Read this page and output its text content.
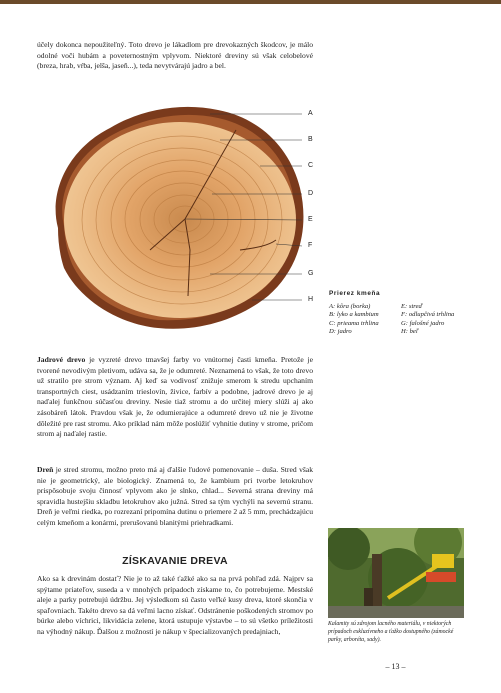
účely dokonca nepoužiteľný. Toto drevo je lákadlom pre drevokazných škodcov, je málo odolné voči hubám a poveternostným vplyvom. Niektoré dreviny sú však celobelové (breza, hrab, vŕba, jelša, jaseň...), teda nevytvárajú jadro a bel.

A
B
C
D
E
F
G
H
Prierez kmeňa
A: kôra (borka)	E: streď
B: lyko a kambium	F: odlupčivá trhlina
C: prieama trhlina	G: falošné jadro
D: jadro	H: beľ

Jadrové drevo je vyzreté drevo tmavšej farby vo vnútornej časti kmeňa. Pretože je tvorené nevodivým pletivom, udáva sa, že je odumreté. Neznamená to však, že toto drevo už stratilo pre strom význam. Aj keď sa vodivosť znižuje smerom k stredu upchaním transportných ciest, usádzaním trieslovín, živice, farbív a podobne, jadrové drevo je aj naďalej funkčnou súčasťou dreviny. Nesie tiaž stromu a do určitej miery slúži aj ako zásobáreň látok. Pravdou však je, že odumierajúce a odumreté drevo už nie je životne dôležité pre rast stromu. Ako príklad nám môže poslúžiť vyhnitie dutiny v strome, pričom strom aj naďalej rastie.

Dreň je stred stromu, možno preto má aj ďalšie ľudové pomenovanie – duša. Stred však nie je geometrický, ale biologický. Znamená to, že kambium pri tvorbe letokruhov prispôsobuje svoju činnosť vplyvom ako je slnko, chlad... Severná strana dreviny má spravidla hustejšiu skladbu letokruhov ako južná. Stred sa tým vychýli na severnú stranu. Dreň je veľmi riedka, po rozrezaní pripomína dutinu o priemere 2 až 5 mm, prechádzajúcu celým kmeňom a konármi, prerušovanú blanitými priehradkami.

ZÍSKAVANIE DREVA

Ako sa k drevinám dostať? Nie je to až také ťažké ako sa na prvá pohľad zdá. Najprv sa spýtame priateľov, suseda a v mnohých prípadoch získame to, čo potrebujeme. Mestské aleje a parky potrebujú údržbu. Jej výsledkom sú často veľké kusy dreva, ktoré skončia v spaľovniach. Takéto drevo sa dá veľmi lacno získať. Odstránenie poškodených stromov po búrke alebo víchrici, likvidácia zelene, ktorá ustupuje výstavbe – to sú všetko príležitosti na výhodný nákup. Ďalšou z možností je nákup v špecializovaných predajniach,

Kalamity sú zdrojom lacného materiálu, v niektorých prípadoch exkluzívneho a ťažko dostupného (zámocké parky, arboréta, sady).

– 13 –
